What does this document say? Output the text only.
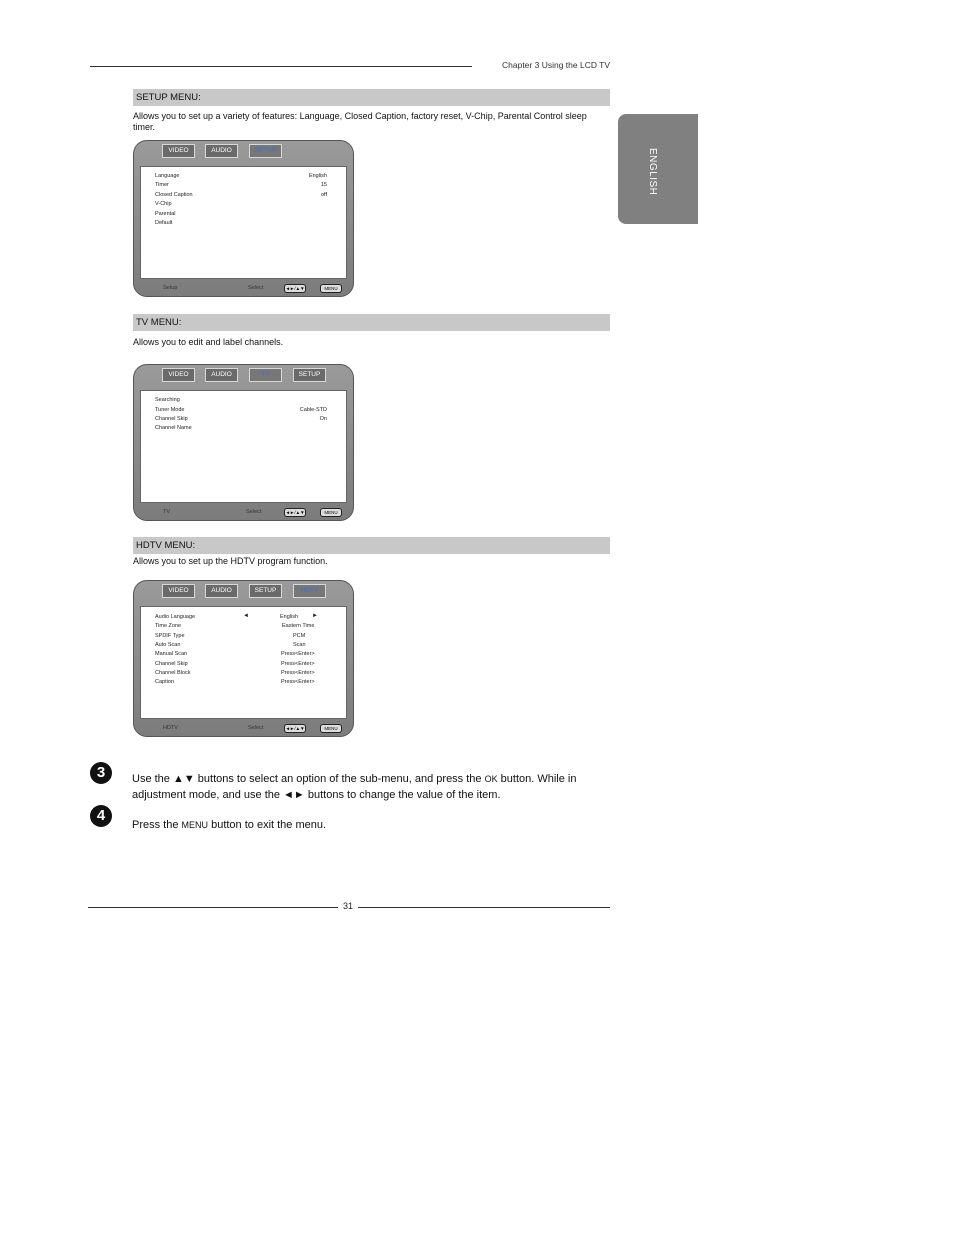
Chapter 3 Using the LCD TV
ENGLISH
SETUP MENU:
Allows you to set up a variety of features: Language, Closed Caption, factory reset, V-Chip, Parental Control sleep timer.
VIDEO	AUDIO	SETUP
Language	English
Timer	15
Closed Caption	off
V-Chip
Parental
Default
Setup	Select	◄►/▲▼	MENU
TV MENU:
Allows you to edit and label channels.
VIDEO	AUDIO	TV	SETUP
Searching
Tuner Mode	Cable-STD
Channel Skip	On
Channel Name
TV	Select	◄►/▲▼	MENU
HDTV MENU:
Allows you to set up the HDTV program function.
VIDEO	AUDIO	SETUP	HDTV
Audio Language	◄	English ►
Time Zone	Eastern Time
SPDIF Type	PCM
Auto Scan	Scan
Manual Scan	Press<Enter>
Channel Skip	Press<Enter>
Channel Block	Press<Enter>
Caption	Press<Enter>
HDTV	Select	◄►/▲▼	MENU
3	Use the ▲▼ buttons to select an option of the sub-menu, and press the OK button. While in adjustment mode, and use the ◄► buttons to change the value of the item.
4
Press the MENU button to exit the menu.
31
